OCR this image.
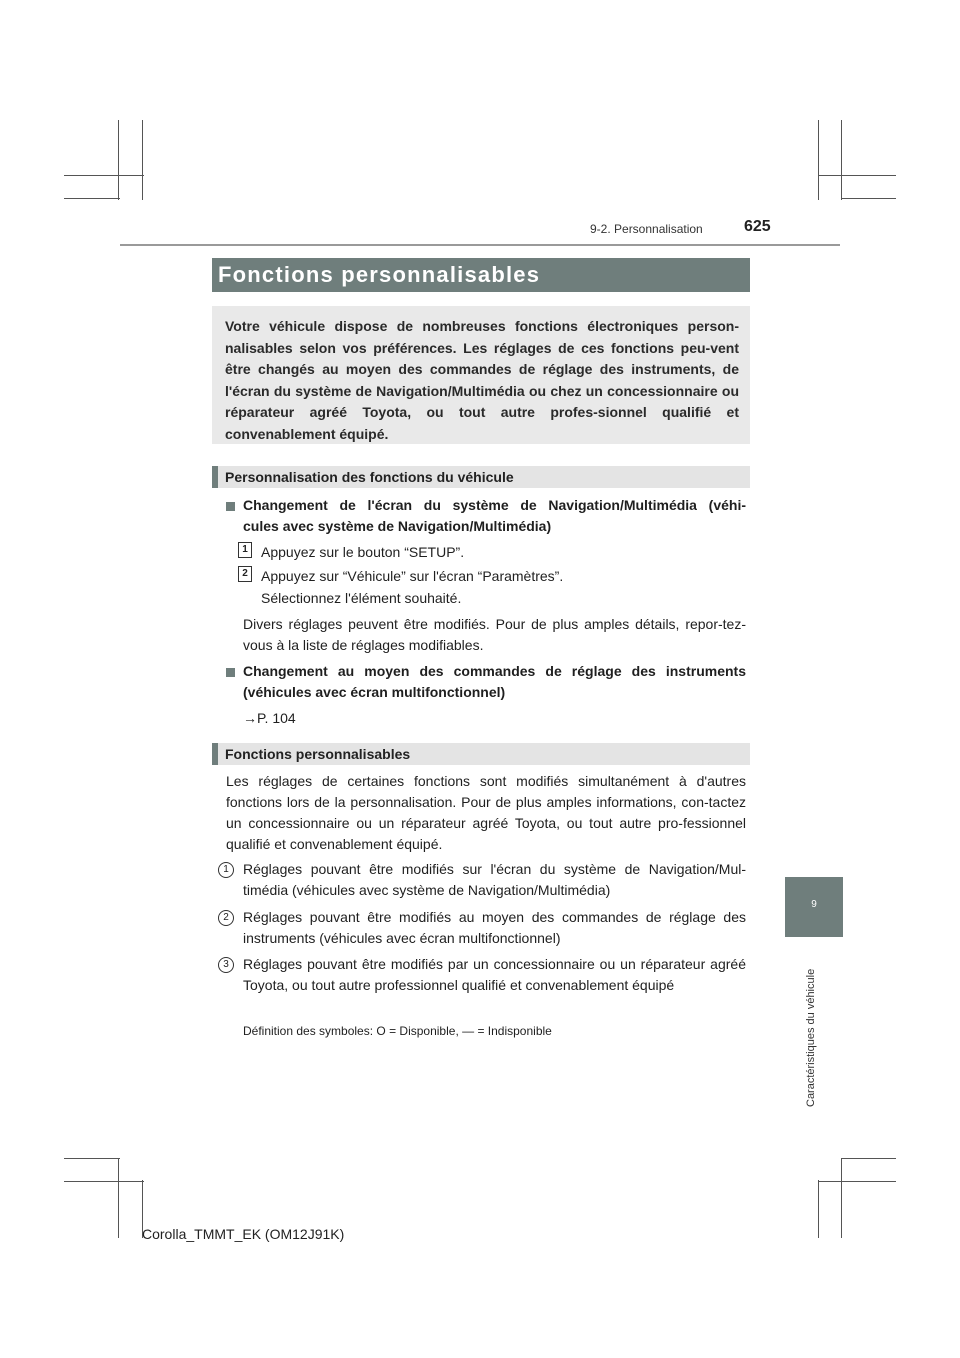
9-2. Personnalisation	625
Fonctions personnalisables
Votre véhicule dispose de nombreuses fonctions électroniques person-nalisables selon vos préférences. Les réglages de ces fonctions peu-vent être changés au moyen des commandes de réglage des instruments, de l'écran du système de Navigation/Multimédia ou chez un concessionnaire ou réparateur agréé Toyota, ou tout autre profes-sionnel qualifié et convenablement équipé.
Personnalisation des fonctions du véhicule
Changement de l'écran du système de Navigation/Multimédia (véhi-
cules avec système de Navigation/Multimédia)
1 Appuyez sur le bouton “SETUP”.
2 Appuyez sur “Véhicule” sur l'écran “Paramètres”.
Sélectionnez l'élément souhaité.
Divers réglages peuvent être modifiés. Pour de plus amples détails, repor-tez-vous à la liste de réglages modifiables.
Changement au moyen des commandes de réglage des instruments
(véhicules avec écran multifonctionnel)
→P. 104
Fonctions personnalisables
Les réglages de certaines fonctions sont modifiés simultanément à d'autres fonctions lors de la personnalisation. Pour de plus amples informations, con-tactez un concessionnaire ou un réparateur agréé Toyota, ou tout autre pro-fessionnel qualifié et convenablement équipé.
1	Réglages pouvant être modifiés sur l'écran du système de Navigation/Mul-timédia (véhicules avec système de Navigation/Multimédia)
2	Réglages pouvant être modifiés au moyen des commandes de réglage des instruments (véhicules avec écran multifonctionnel)
3	Réglages pouvant être modifiés par un concessionnaire ou un réparateur agréé Toyota, ou tout autre professionnel qualifié et convenablement équipé
Définition des symboles: O = Disponible, — = Indisponible
9
Caractéristiques du véhicule
Corolla_TMMT_EK (OM12J91K)
